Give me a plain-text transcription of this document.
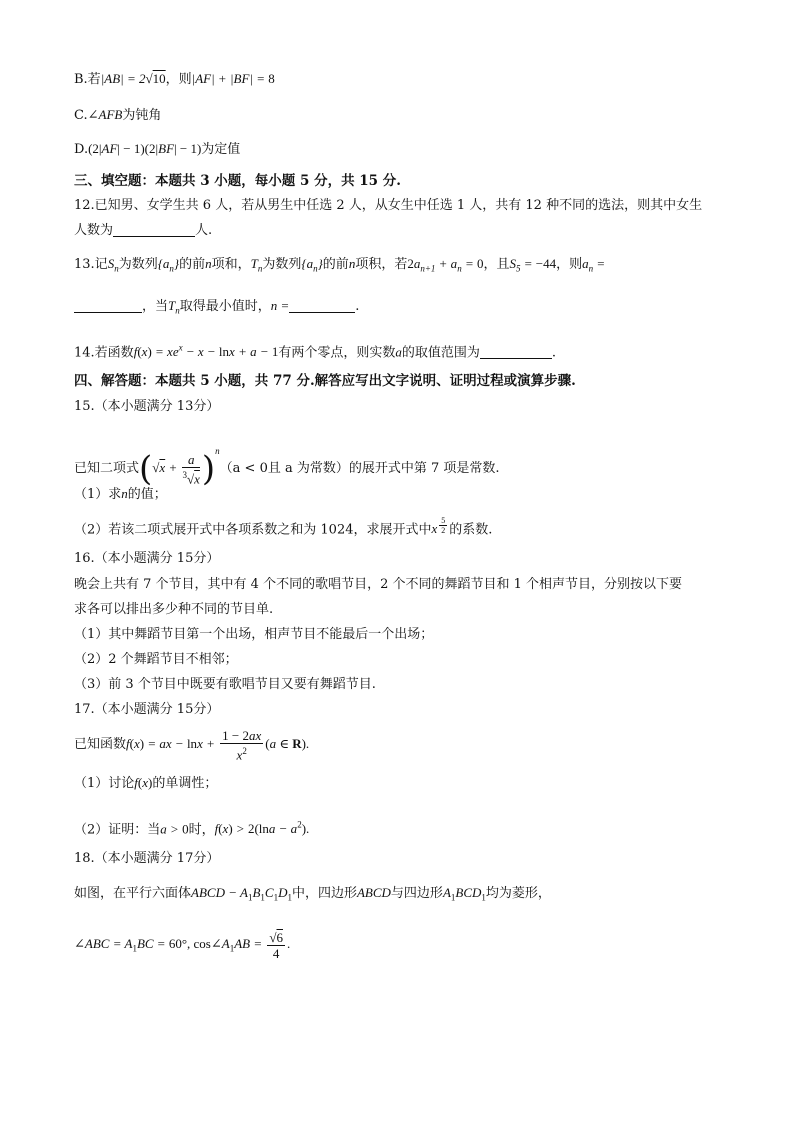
B.若|AB| = 2√10，则|AF| + |BF| = 8
C.∠AFB为钝角
D.(2|AF| − 1)(2|BF| − 1)为定值
三、填空题：本题共 3 小题，每小题 5 分，共 15 分.
12.已知男、女学生共 6 人，若从男生中任选 2 人，从女生中任选 1 人，共有 12 种不同的选法，则其中女生
人数为	人.
13.记$S_n$为数列$\{a_n\}$的前n项和，$T_n$为数列$\{a_n\}$的前n项积，若$2a_{n+1} + a_n = 0$，且$S_5 = -44$，则$a_n$ =
，当$T_n$取得最小值时，n =	.
14.若函数$f(x) = xe^x - x - \ln x + a - 1$有两个零点，则实数a的取值范围为	.
四、解答题：本题共 5 小题，共 77 分.解答应写出文字说明、证明过程或演算步骤.
15.（本小题满分 13分）
已知二项式$(√x + \frac{a}{^3√x} )^n(a < 0$且 a 为常数）的展开式中第 7 项是常数.
（1）求n的值；
（2）若该二项式展开式中各项系数之和为 1024，求展开式中x $^{\frac{5}{2}}$ 的系数.
16.（本小题满分 15分）
晚会上共有 7 个节目，其中有 4 个不同的歌唱节目，2 个不同的舞蹈节目和 1 个相声节目，分别按以下要
求各可以排出多少种不同的节目单.
（1）其中舞蹈节目第一个出场，相声节目不能最后一个出场；
（2）2 个舞蹈节目不相邻；
（3）前 3 个节目中既要有歌唱节目又要有舞蹈节目.
17.（本小题满分 15分）
已知函数f(x) = ax − $\ln x + \frac{1 - 2ax}{x^2} (a$ ∈ R).
（1）讨论f(x)的单调性；
（2）证明：当a > 0时，$f(x) > 2(\ln a - a^2)$.
18.（本小题满分 17分）
如图，在平行六面体ABCD − $A_1B_1C_1D_1$中，四边形ABCD与四边形$A_1BCD_1$均为菱形，
∠ABC = $A_1BC = 60^\circ$, $\cos\angle A_1AB = \frac{√6}{4}$ .
